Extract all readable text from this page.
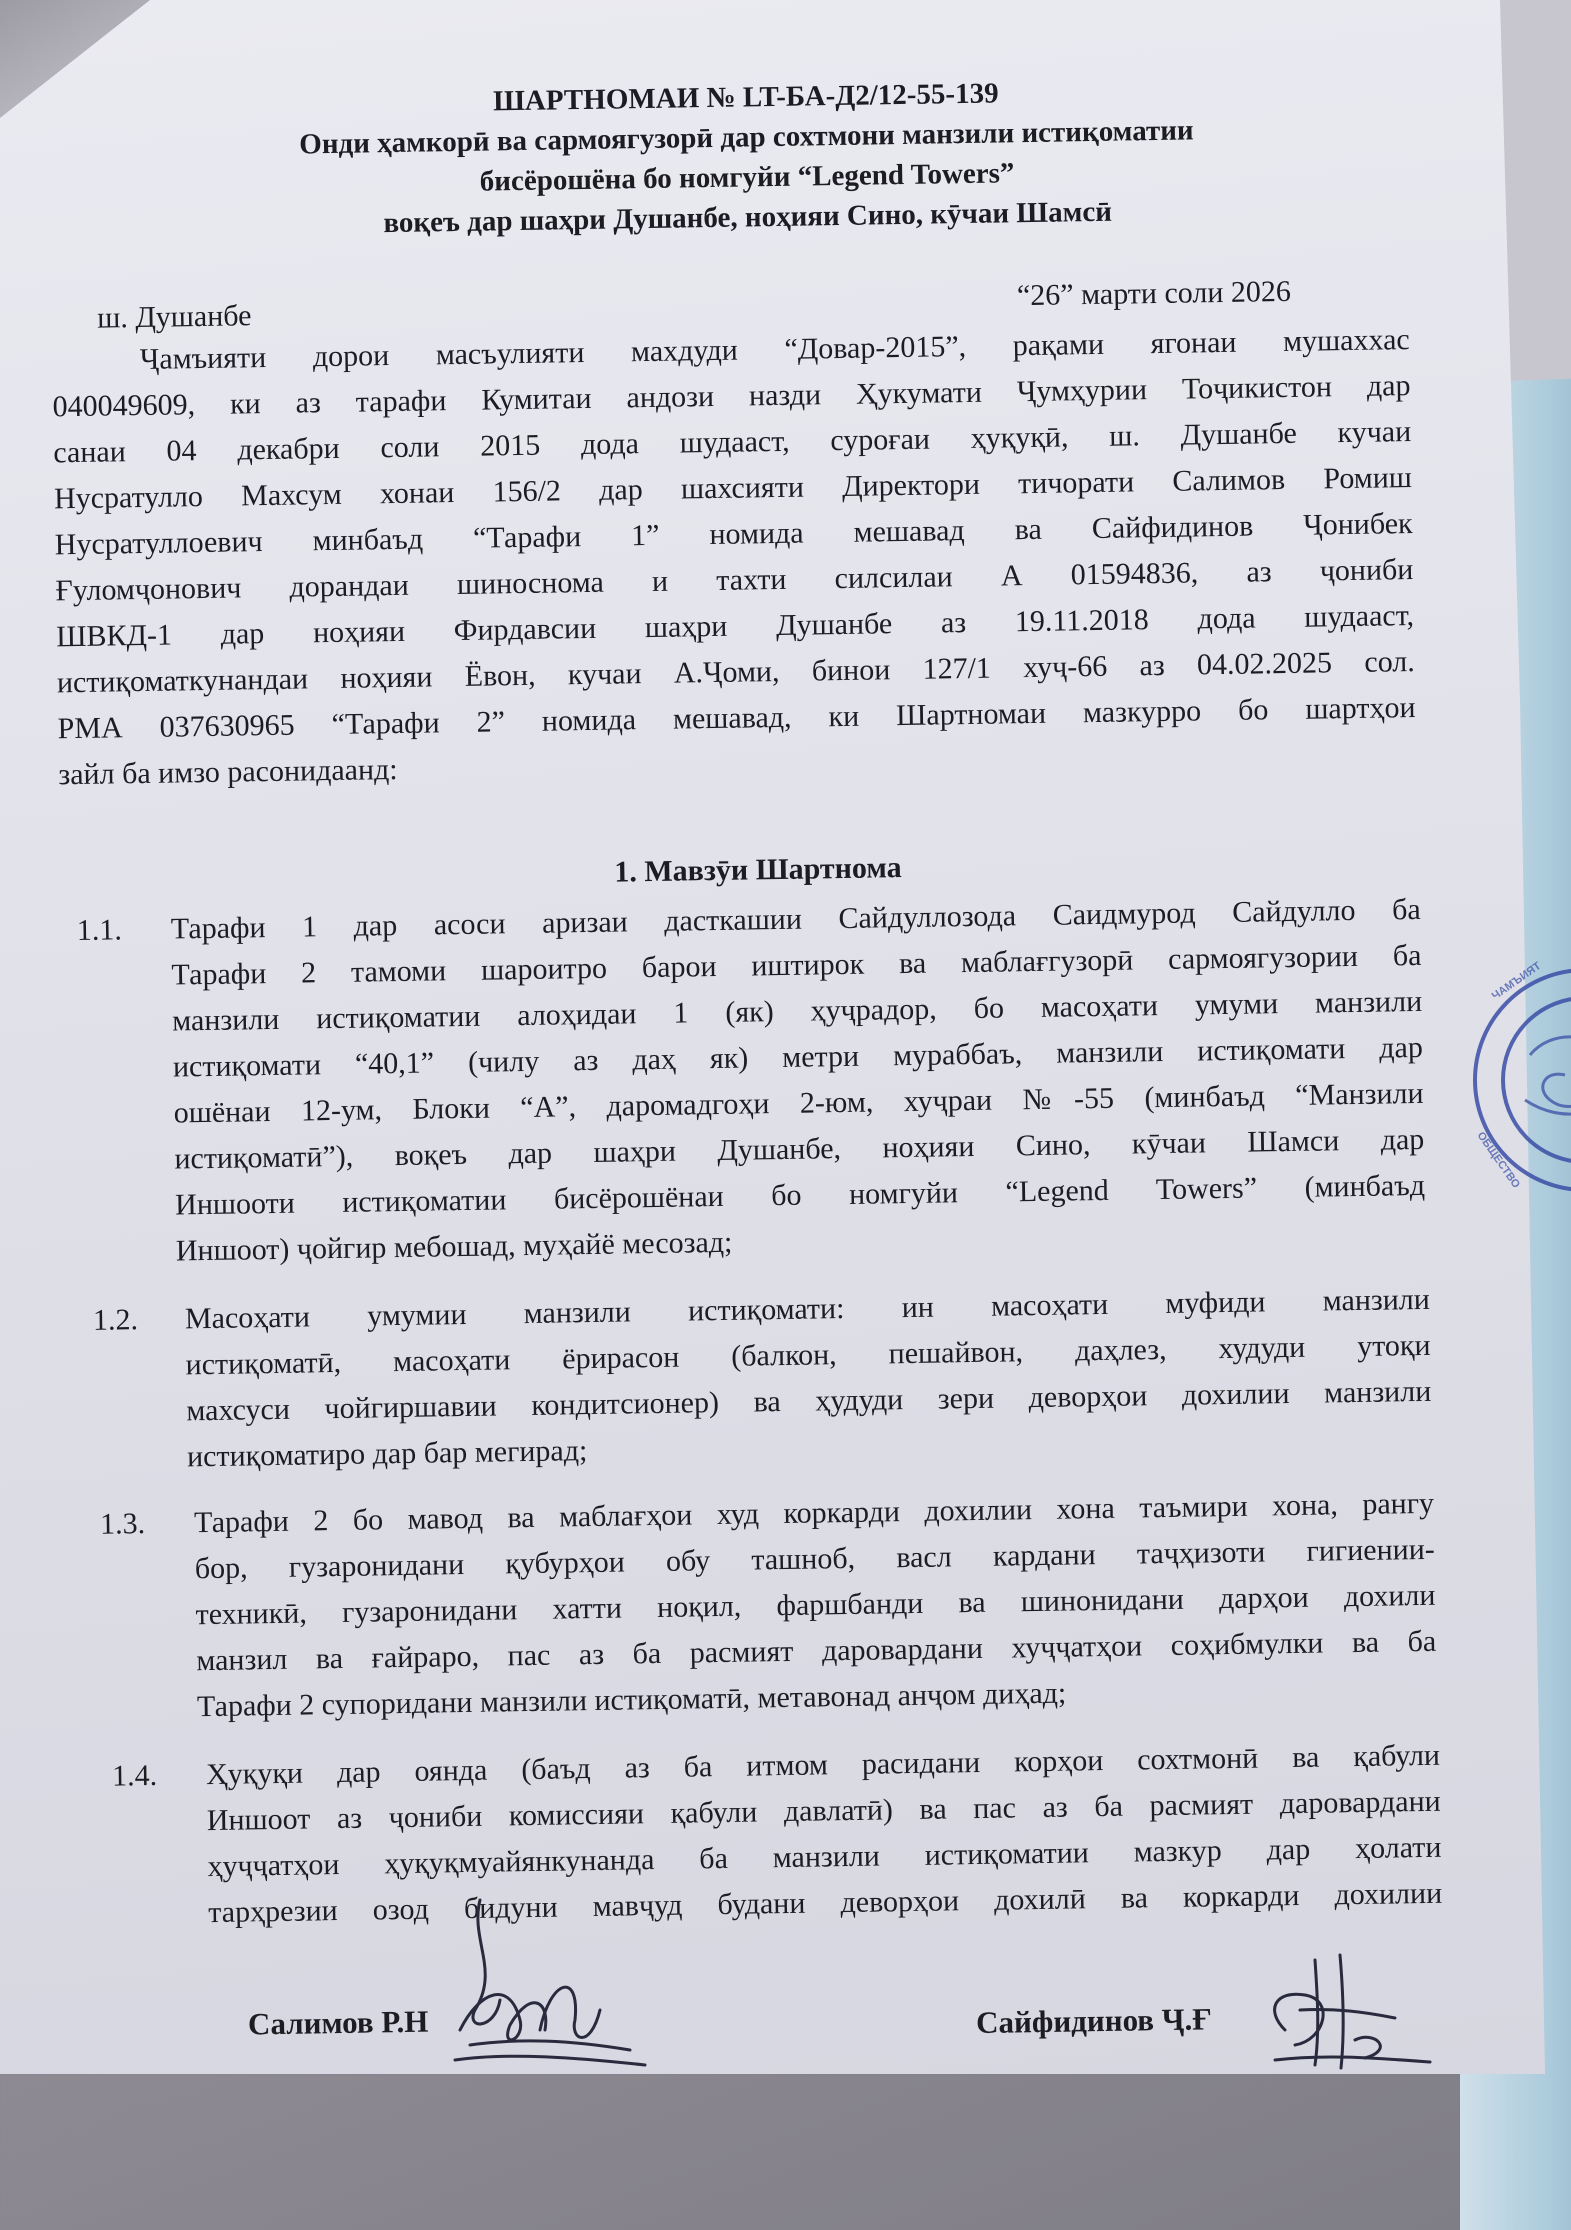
ШАРТНОМАИ № LT-БА-Д2/12-55-139
Онди ҳамкорӣ ва сармоягузорӣ дар сохтмони манзили истиқоматии
бисёрошёна бо номгуйи “Legend Towers”
воқеъ дар шаҳри Душанбе, ноҳияи Сино, кӯчаи Шамсӣ
ш. Душанбе
“26” марти соли 2026
Ҷамъияти дорои масъулияти махдуди “Довар-2015”, рақами ягонаи мушаххас
040049609, ки аз тарафи Кумитаи андози назди Ҳукумати Ҷумҳурии Тоҷикистон дар
санаи 04 декабри соли 2015 дода шудааст, суроғаи ҳуқуқӣ, ш. Душанбе кучаи
Нусратулло Махсум хонаи 156/2 дар шахсияти Директори тичорати Салимов Ромиш
Нусратуллоевич минбаъд “Тарафи 1” номида мешавад ва Сайфидинов Ҷонибек
Ғуломҷонович дорандаи шиноснома и тахти силсилаи А 01594836, аз ҷониби
ШВКД-1 дар ноҳияи Фирдавсии шаҳри Душанбе аз 19.11.2018 дода шудааст,
истиқоматкунандаи ноҳияи Ёвон, кучаи А.Ҷоми, бинои 127/1 хуҷ-66 аз 04.02.2025 сол.
РМА 037630965 “Тарафи 2” номида мешавад, ки Шартномаи мазкурро бо шартҳои
зайл ба имзо расонидаанд:
1. Мавзӯи Шартнома
1.1. Тарафи 1 дар асоси аризаи дасткашии Сайдуллозода Саидмурод Сайдулло ба
Тарафи 2 тамоми шароитро барои иштирок ва маблағгузорӣ сармоягузории ба
манзили истиқоматии алоҳидаи 1 (як) ҳуҷрадор, бо масоҳати умуми манзили
истиқомати “40,1” (чилу аз даҳ як) метри мураббаъ, манзили истиқомати дар
ошёнаи 12-ум, Блоки “А”, даромадгоҳи 2-юм, хуҷраи №-55 (минбаъд “Манзили
истиқоматӣ”), воқеъ дар шаҳри Душанбе, ноҳияи Сино, кӯчаи Шамси дар
Иншооти истиқоматии бисёрошёнаи бо номгуйи “Legend Towers” (минбаъд
Иншоот) ҷойгир мебошад, муҳайё месозад;
1.2. Масоҳати умумии манзили истиқомати: ин масоҳати муфиди манзили
истиқоматӣ, масоҳати ёрирасон (балкон, пешайвон, даҳлез, худуди утоқи
махсуси чойгиршавии кондитсионер) ва ҳудуди зери деворҳои дохилии манзили
истиқоматиро дар бар мегирад;
1.3. Тарафи 2 бо мавод ва маблағҳои худ коркарди дохилии хона таъмири хона, рангу
бор, гузаронидани қубурҳои обу ташноб, васл кардани таҷҳизоти гигиении-
техникӣ, гузаронидани хатти ноқил, фаршбанди ва шинонидани дарҳои дохили
манзил ва ғайраро, пас аз ба расмият даровардани хуҷҷатҳои соҳибмулки ва ба
Тарафи 2 супоридани манзили истиқоматӣ, метавонад анҷом диҳад;
1.4. Ҳуқуқи дар оянда (баъд аз ба итмом расидани корҳои сохтмонӣ ва қабули
Иншоот аз ҷониби комиссияи қабули давлатӣ) ва пас аз ба расмият даровардани
ҳуҷҷатҳои ҳуқуқмуайянкунанда ба манзили истиқоматии мазкур дар ҳолати
тарҳрезии озод бидуни мавҷуд будани деворҳои дохилӣ ва коркарди дохилии
Салимов Р.Н	Сайфидинов Ҷ.Ғ
ЧАМЪИЯТ
ОБЩЕСТВО
